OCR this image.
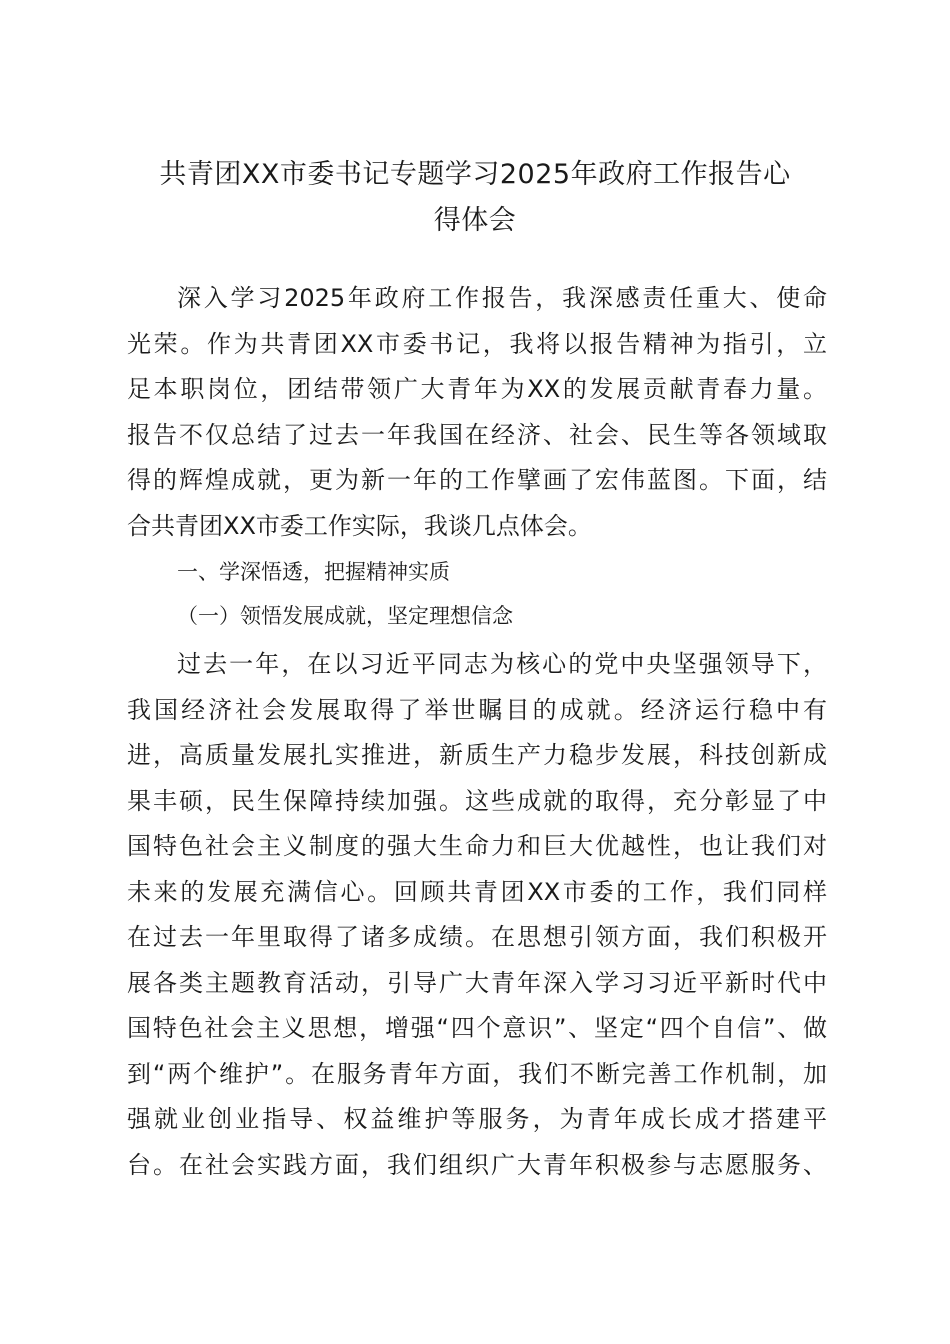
共青团XX市委书记专题学习2025年政府工作报告心
得体会
深入学习2025年政府工作报告，我深感责任重大、使命
光荣。作为共青团XX市委书记，我将以报告精神为指引，立
足本职岗位，团结带领广大青年为XX的发展贡献青春力量。
报告不仅总结了过去一年我国在经济、社会、民生等各领域取
得的辉煌成就，更为新一年的工作擘画了宏伟蓝图。下面，结
合共青团XX市委工作实际，我谈几点体会。
一、学深悟透，把握精神实质
（一）领悟发展成就，坚定理想信念
过去一年，在以习近平同志为核心的党中央坚强领导下，
我国经济社会发展取得了举世瞩目的成就。经济运行稳中有
进，高质量发展扎实推进，新质生产力稳步发展，科技创新成
果丰硕，民生保障持续加强。这些成就的取得，充分彰显了中
国特色社会主义制度的强大生命力和巨大优越性，也让我们对
未来的发展充满信心。回顾共青团XX市委的工作，我们同样
在过去一年里取得了诸多成绩。在思想引领方面，我们积极开
展各类主题教育活动，引导广大青年深入学习习近平新时代中
国特色社会主义思想，增强“四个意识”、坚定“四个自信”、做
到“两个维护”。在服务青年方面，我们不断完善工作机制，加
强就业创业指导、权益维护等服务，为青年成长成才搭建平
台。在社会实践方面，我们组织广大青年积极参与志愿服务、
